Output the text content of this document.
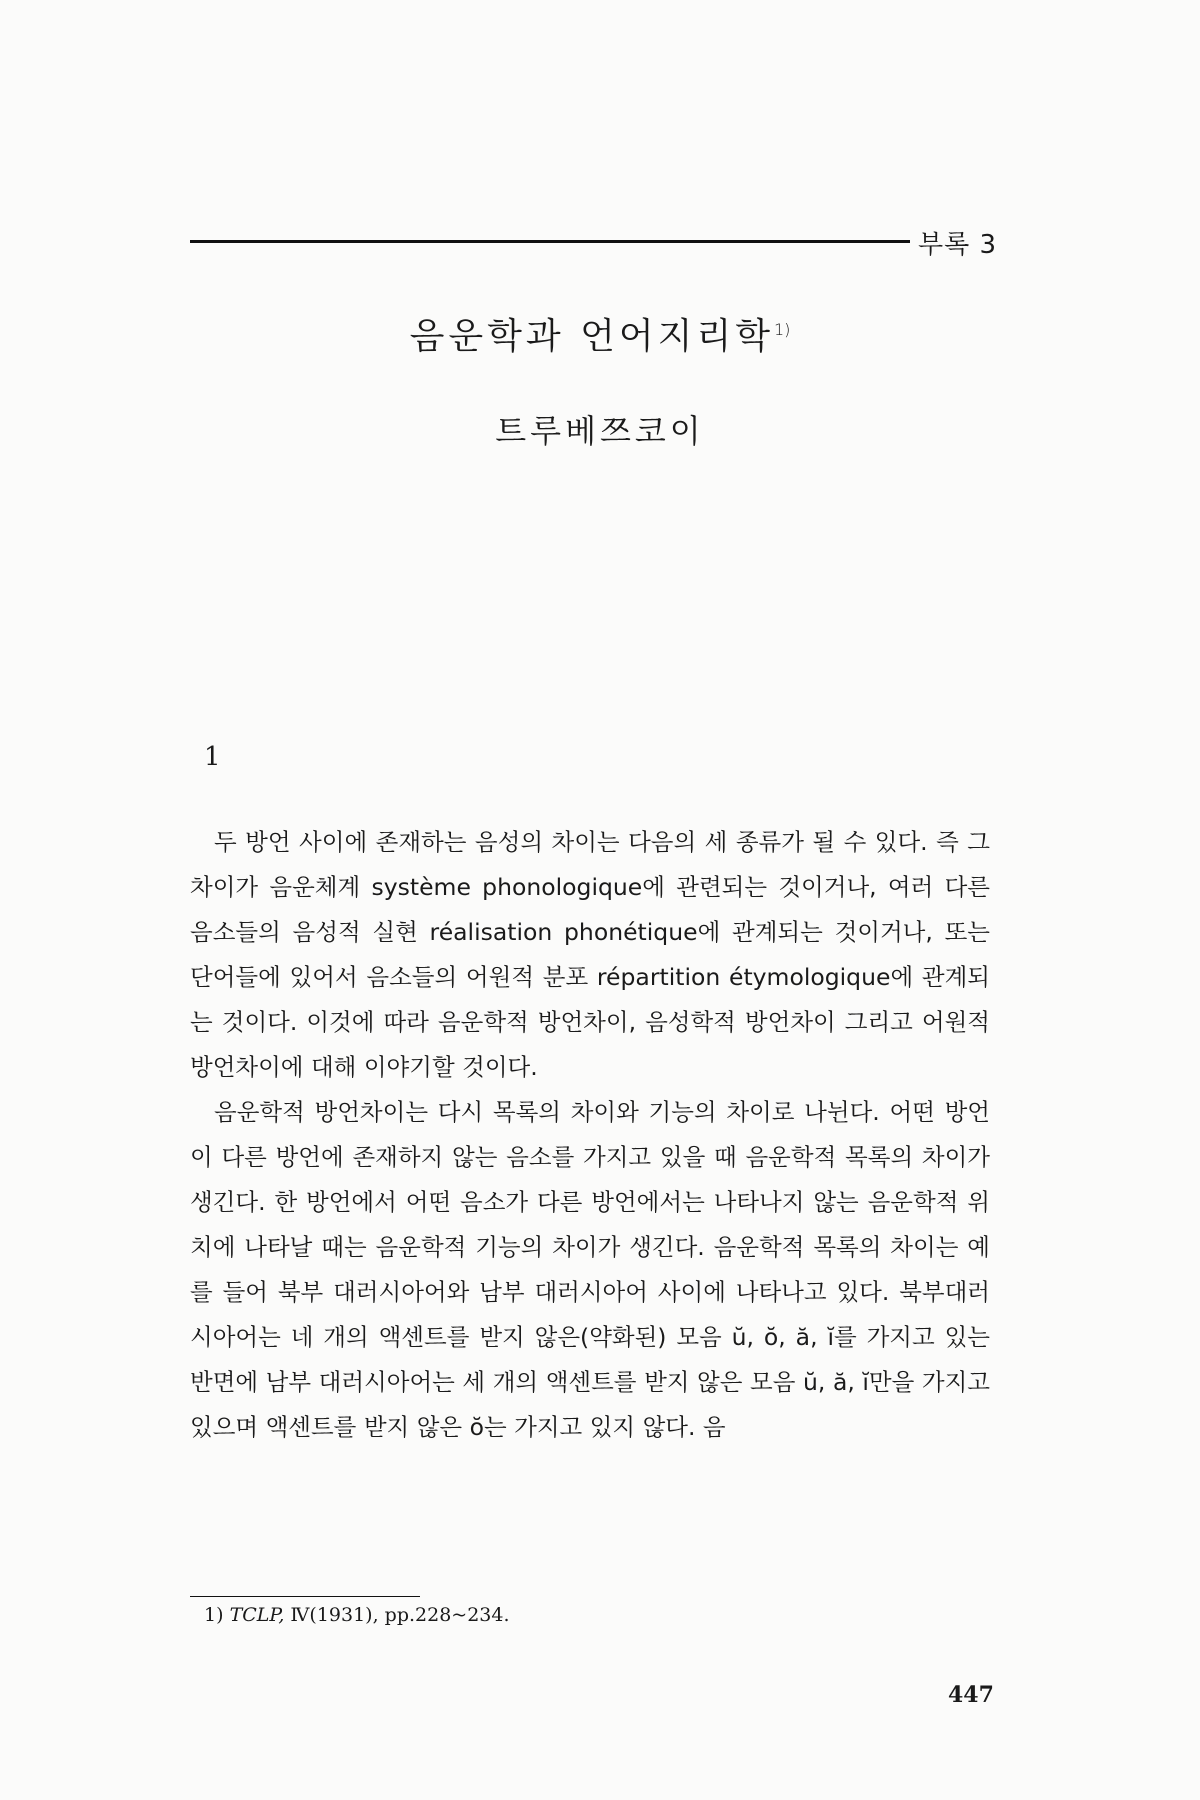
부록 3
음운학과 언어지리학$^{1)}$
트루베쯔코이
1

두 방언 사이에 존재하는 음성의 차이는 다음의 세 종류가 될 수 있다. 즉 그 차이가 음운체계 système phonologique에 관련되는 것이거나, 여러 다른 음소들의 음성적 실현 réalisation phonétique에 관계되는 것이거나, 또는 단어들에 있어서 음소들의 어원적 분포 répartition étymologique에 관계되는 것이다. 이것에 따라 음운학적 방언차이, 음성학적 방언차이 그리고 어원적 방언차이에 대해 이야기할 것이다.

음운학적 방언차이는 다시 목록의 차이와 기능의 차이로 나뉜다. 어떤 방언이 다른 방언에 존재하지 않는 음소를 가지고 있을 때 음운학적 목록의 차이가 생긴다. 한 방언에서 어떤 음소가 다른 방언에서는 나타나지 않는 음운학적 위치에 나타날 때는 음운학적 기능의 차이가 생긴다. 음운학적 목록의 차이는 예를 들어 북부 대러시아어와 남부 대러시아어 사이에 나타나고 있다. 북부대러시아어는 네 개의 액센트를 받지 않은(약화된) 모음 ŭ, ŏ, ă, ĭ를 가지고 있는 반면에 남부 대러시아어는 세 개의 액센트를 받지 않은 모음 ŭ, ă, ĭ만을 가지고 있으며 액센트를 받지 않은 ŏ는 가지고 있지 않다. 음

1) TCLP, Ⅳ(1931), pp.228~234.
447
